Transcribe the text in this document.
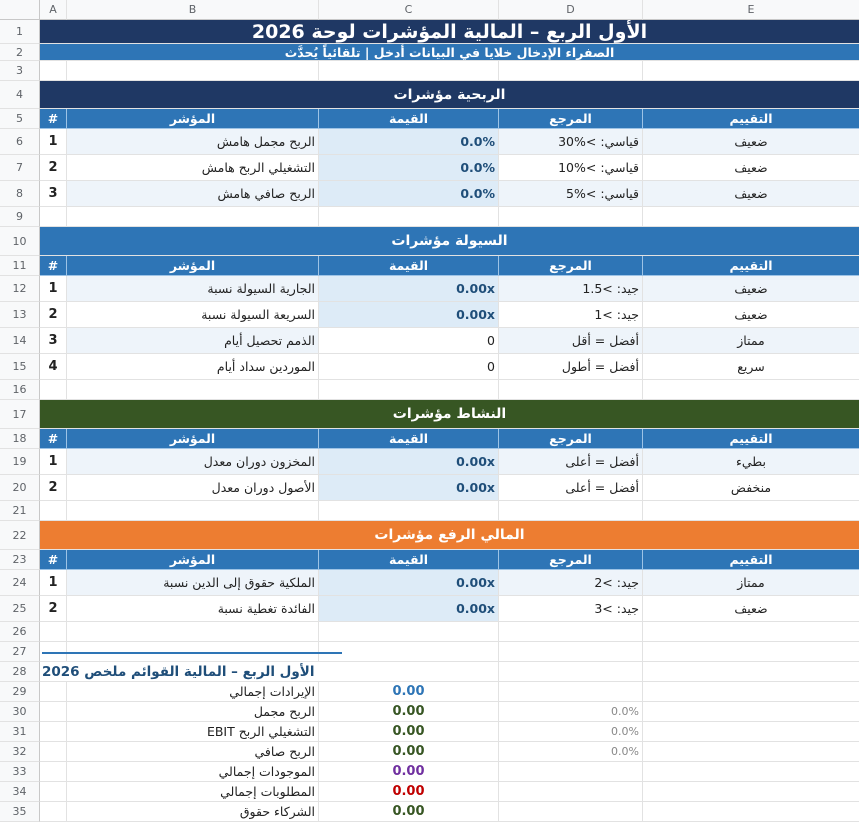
A	B	C	D	E
1	2026 الأول الربع – المالية المؤشرات لوحة
2	الصفراء الإدخال خلايا في البيانات أدخل | تلقائياً يُحدَّث
3
4	الربحية مؤشرات
5	#	المؤشر	القيمة	المرجع	التقييم
6	1	الربح مجمل هامش	0.0%	30%< :قياسي	ضعيف
7	2	التشغيلي الربح هامش	0.0%	10%< :قياسي	ضعيف
8	3	الربح صافي هامش	0.0%	5%< :قياسي	ضعيف
9
10	السيولة مؤشرات
11	#	المؤشر	القيمة	المرجع	التقييم
12	1	الجارية السيولة نسبة	0.00x	1.5< :جيد	ضعيف
13	2	السريعة السيولة نسبة	0.00x	1< :جيد	ضعيف
14	3	الذمم تحصيل أيام	0	أفضل = أقل	ممتاز
15	4	الموردين سداد أيام	0	أفضل = أطول	سريع
16
17	النشاط مؤشرات
18	#	المؤشر	القيمة	المرجع	التقييم
19	1	المخزون دوران معدل	0.00x	أفضل = أعلى	بطيء
20	2	الأصول دوران معدل	0.00x	أفضل = أعلى	منخفض
21
22	المالي الرفع مؤشرات
23	#	المؤشر	القيمة	المرجع	التقييم
24	1	الملكية حقوق إلى الدين نسبة	0.00x	2< :جيد	ممتاز
25	2	الفائدة تغطية نسبة	0.00x	3< :جيد	ضعيف
26
27
28	2026 الأول الربع – المالية القوائم ملخص
29	الإيرادات إجمالي	0.00
30	الربح مجمل	0.00	0.0%
31	EBIT التشغيلي الربح	0.00	0.0%
32	الربح صافي	0.00	0.0%
33	الموجودات إجمالي	0.00
34	المطلوبات إجمالي	0.00
35	الشركاء حقوق	0.00
